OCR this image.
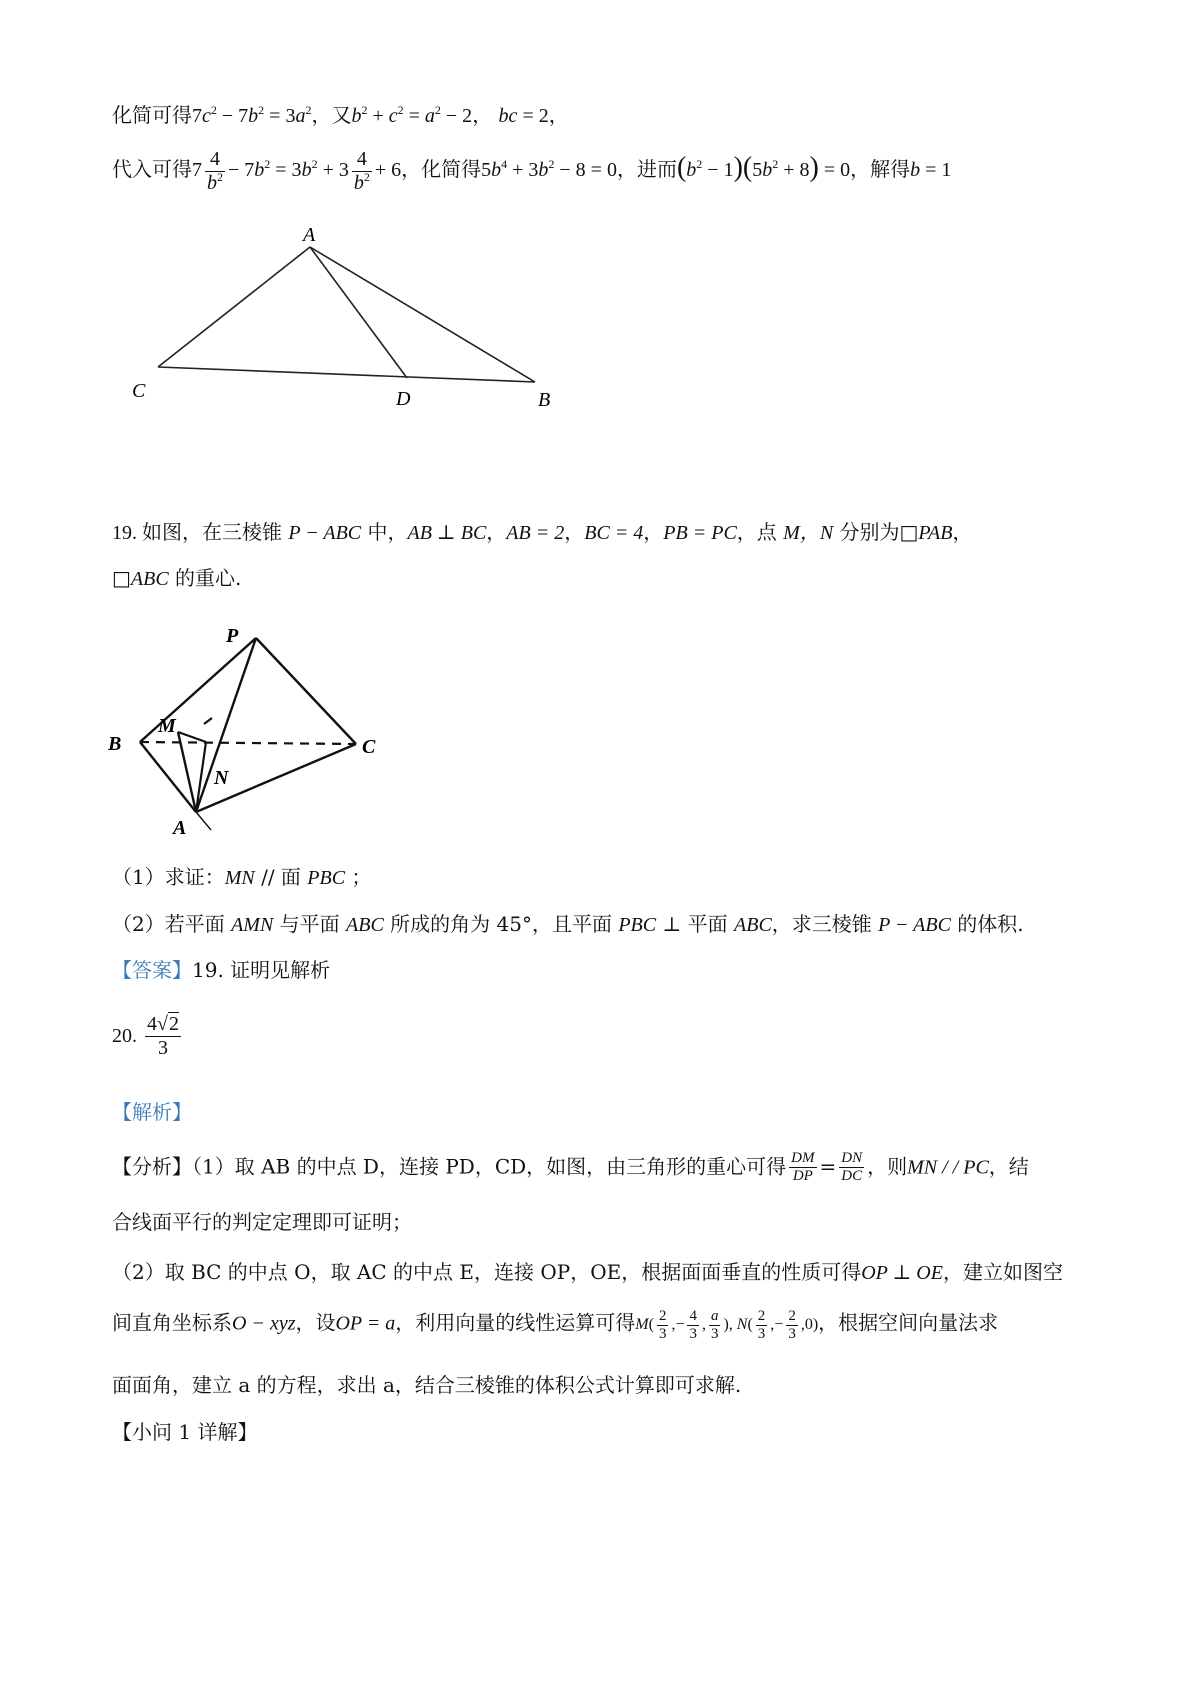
化简可得$7c^2 - 7b^2 = 3a^2$，又$b^2 + c^2 = a^2 - 2$， bc = 2，
代入可得$7 \frac{4}{b^2} - 7b^2 = 3b^2 + 3 \frac{4}{b^2} + 6$，化简得$5b^4 + 3b^2 - 8 = 0$，进而$(b^2 - 1)(5b^2 + 8) = 0$，解得b = 1
A
B
C	D
19. 如图，在三棱锥 P − ABC 中，AB ⊥ BC，AB = 2，BC = 4，PB = PC，点 M，N 分别为□PAB，
□ABC 的重心.
P
M
B	C
N
A
（1）求证：MN // 面 PBC ；
（2）若平面 AMN 与平面 ABC 所成的角为 45°，且平面 PBC ⊥ 平面 ABC，求三棱锥 P − ABC 的体积.
【答案】19. 证明见解析
20. $\frac{4√2}{3}$
【解析】
【分析】（1）取 AB 的中点 D，连接 PD，CD，如图，由三角形的重心可得 $\frac{DM}{DP} = \frac{DN}{DC}$ ，则MN / / PC，结
合线面平行的判定定理即可证明；
（2）取 BC 的中点 O，取 AC 的中点 E，连接 OP，OE，根据面面垂直的性质可得OP ⊥ OE，建立如图空
间直角坐标系O − xyz，设OP = a，利用向量的线性运算可得$M( \frac{2}{3}$ ,− $\frac{4}{3}$ , $\frac{a}{3}$ ), $N( \frac{2}{3}$ ,− $\frac{2}{3} ,0$)，根据空间向量法求
面面角，建立 a 的方程，求出 a，结合三棱锥的体积公式计算即可求解.
【小问 1 详解】
